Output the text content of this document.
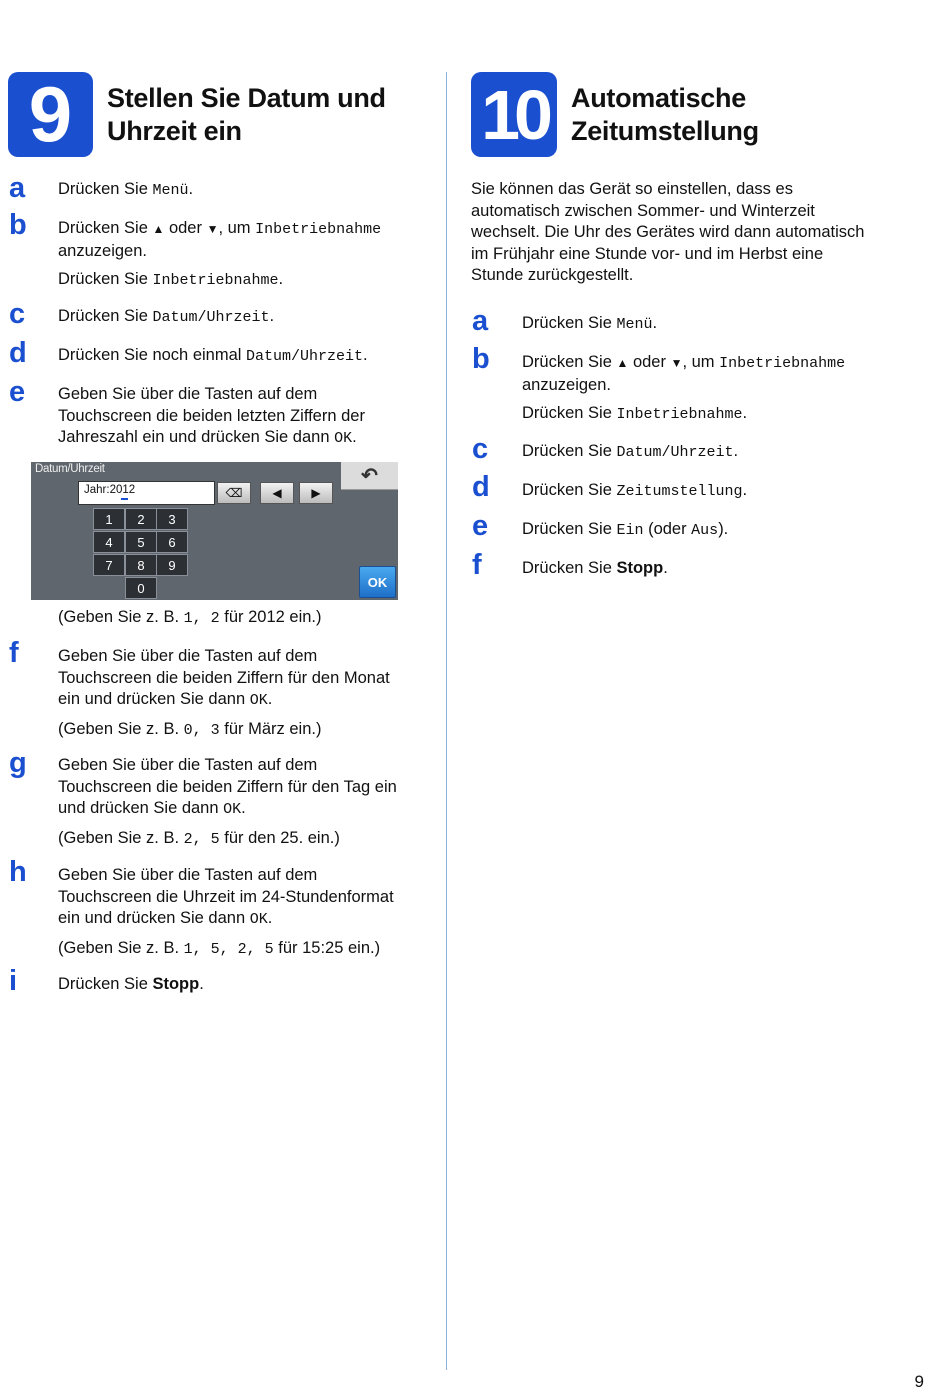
9 Stellen Sie Datum und
Uhrzeit ein
a Drücken Sie Menü.
b Drücken Sie ▲ oder ▼, um Inbetriebnahme
anzuzeigen.
Drücken Sie Inbetriebnahme.
c Drücken Sie Datum/Uhrzeit.
d Drücken Sie noch einmal Datum/Uhrzeit.
e Geben Sie über die Tasten auf dem
Touchscreen die beiden letzten Ziffern der
Jahreszahl ein und drücken Sie dann OK.
Datum/Uhrzeit
Jahr:2012	⌫ ◀ ▶
↶
1	2	3
4	5	6
7	8	9
0	OK
(Geben Sie z. B. 1, 2 für 2012 ein.)
f Geben Sie über die Tasten auf dem
Touchscreen die beiden Ziffern für den Monat
ein und drücken Sie dann OK.
(Geben Sie z. B. 0, 3 für März ein.)
g Geben Sie über die Tasten auf dem
Touchscreen die beiden Ziffern für den Tag ein
und drücken Sie dann OK.
(Geben Sie z. B. 2, 5 für den 25. ein.)
h Geben Sie über die Tasten auf dem
Touchscreen die Uhrzeit im 24-Stundenformat
ein und drücken Sie dann OK.
(Geben Sie z. B. 1, 5, 2, 5 für 15:25 ein.)
i Drücken Sie Stopp.
10 Automatische
Zeitumstellung
Sie können das Gerät so einstellen, dass es
automatisch zwischen Sommer- und Winterzeit
wechselt. Die Uhr des Gerätes wird dann automatisch
im Frühjahr eine Stunde vor- und im Herbst eine
Stunde zurückgestellt.
a Drücken Sie Menü.
b Drücken Sie ▲ oder ▼, um Inbetriebnahme
anzuzeigen.
Drücken Sie Inbetriebnahme.
c Drücken Sie Datum/Uhrzeit.
d Drücken Sie Zeitumstellung.
e Drücken Sie Ein (oder Aus).
f Drücken Sie Stopp.
9
